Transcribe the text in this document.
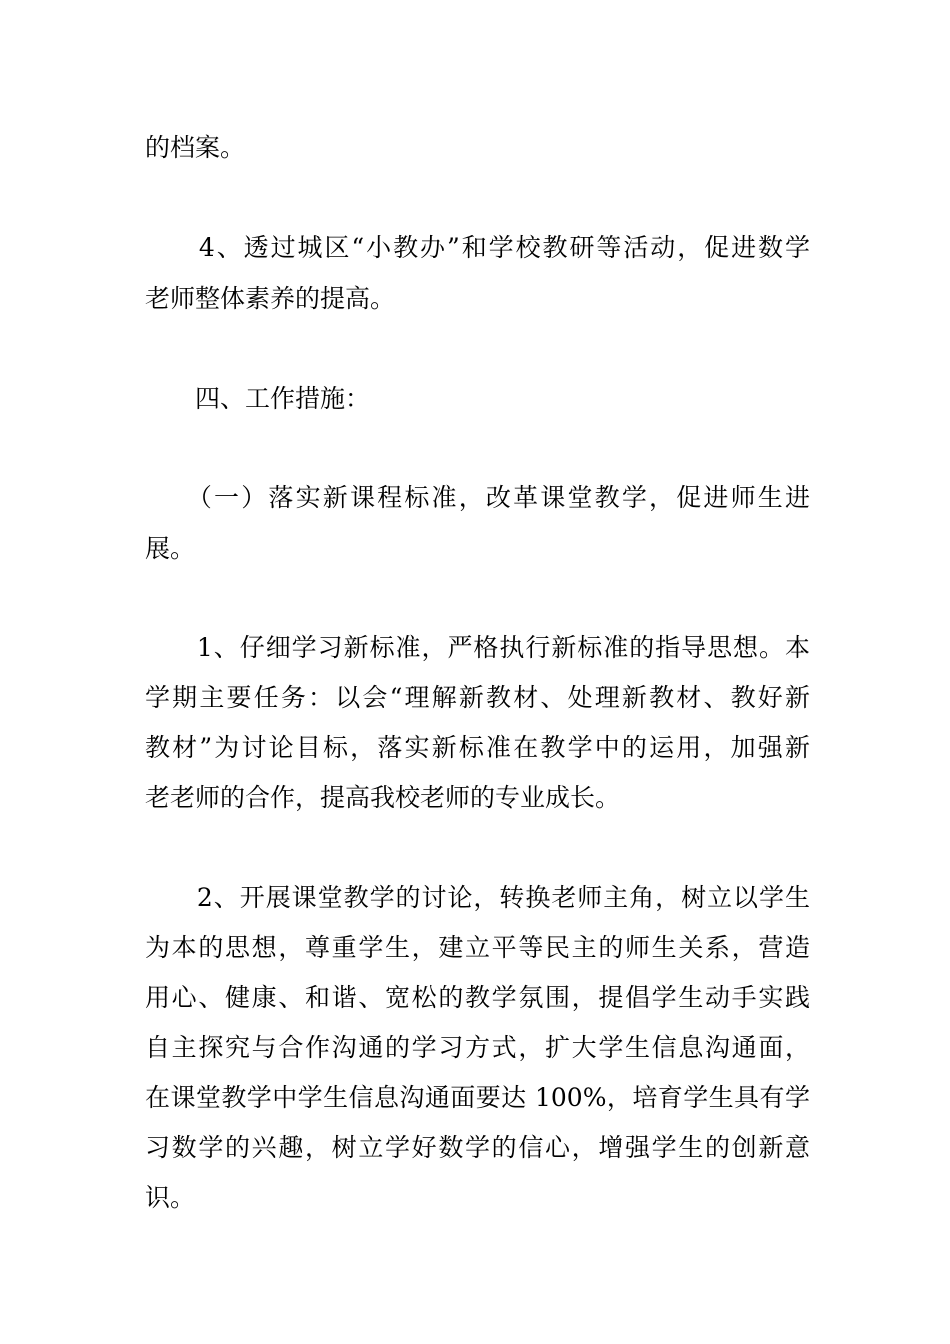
的档案。
　　4、透过城区“小教办”和学校教研等活动，促进数学
老师整体素养的提高。
　　四、工作措施：
　　（一）落实新课程标准，改革课堂教学，促进师生进
展。
　　1、仔细学习新标准，严格执行新标准的指导思想。本
学期主要任务：以会“理解新教材、处理新教材、教好新
教材”为讨论目标，落实新标准在教学中的运用，加强新
老老师的合作，提高我校老师的专业成长。
　　2、开展课堂教学的讨论，转换老师主角，树立以学生
为本的思想，尊重学生，建立平等民主的师生关系，营造
用心、健康、和谐、宽松的教学氛围，提倡学生动手实践
自主探究与合作沟通的学习方式，扩大学生信息沟通面，
在课堂教学中学生信息沟通面要达 100%，培育学生具有学
习数学的兴趣，树立学好数学的信心，增强学生的创新意
识。
